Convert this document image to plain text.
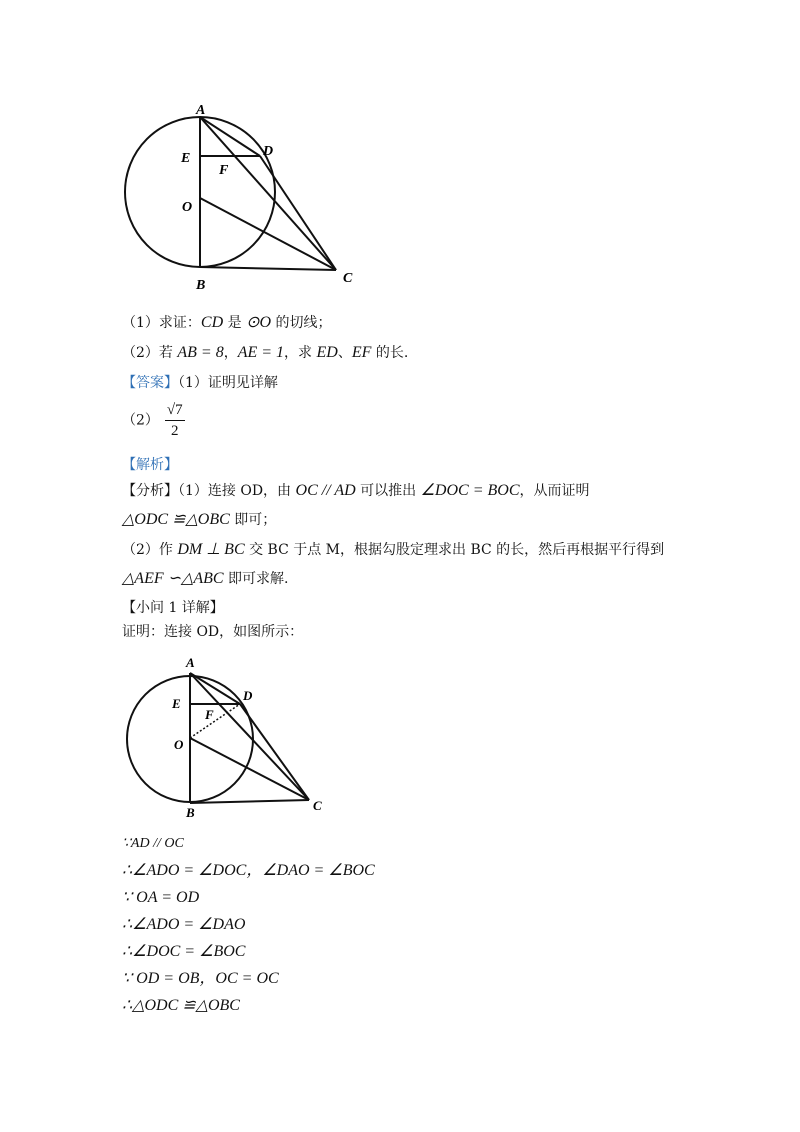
A
E	D
F
O
B	C
（1）求证：CD 是 ⊙O 的切线；
（2）若 AB = 8，AE = 1，求 ED、EF 的长.
【答案】（1）证明见详解
$(2) \frac{√7}{2}$
【解析】
【分析】（1）连接 OD，由 OC // AD 可以推出 ∠DOC = BOC，从而证明
△ODC ≌△OBC 即可；
（2）作 DM ⊥ BC 交 BC 于点 M，根据勾股定理求出 BC 的长，然后再根据平行得到
△AEF ∽△ABC 即可求解.
【小问 1 详解】
证明：连接 OD，如图所示：
A
E
D
F
O
B	C
∵AD // OC
∴∠ADO = ∠DOC，∠DAO = ∠BOC
∵ OA = OD
∴∠ADO = ∠DAO
∴∠DOC = ∠BOC
∵ OD = OB，OC = OC
∴△ODC ≌△OBC
